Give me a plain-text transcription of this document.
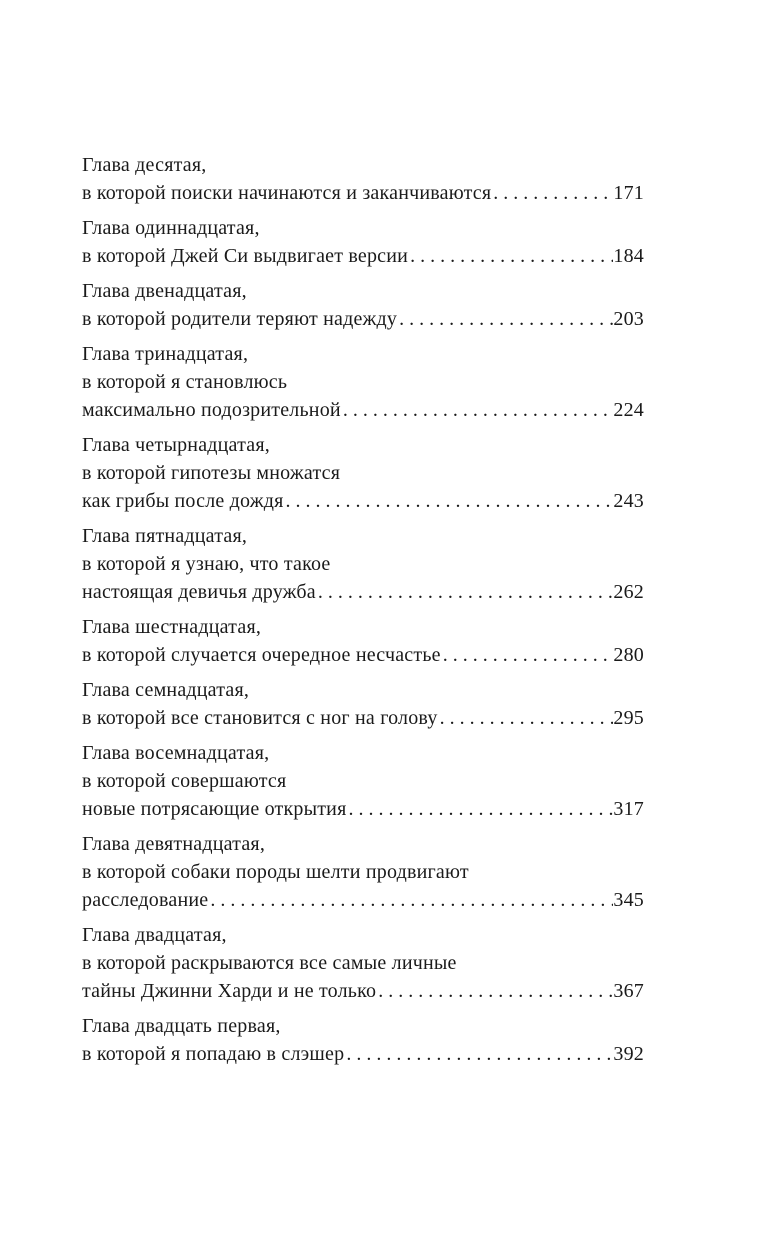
Глава десятая,
в которой поиски начинаются и заканчиваются . . .	171
Глава одиннадцатая,
в которой Джей Си выдвигает версии . . .	184
Глава двенадцатая,
в которой родители теряют надежду . . .	203
Глава тринадцатая,
в которой я становлюсь
максимально подозрительной . . .	224
Глава четырнадцатая,
в которой гипотезы множатся
как грибы после дождя . . .	243
Глава пятнадцатая,
в которой я узнаю, что такое
настоящая девичья дружба . . .	262
Глава шестнадцатая,
в которой случается очередное несчастье . . .	280
Глава семнадцатая,
в которой все становится с ног на голову . . .	295
Глава восемнадцатая,
в которой совершаются
новые потрясающие открытия . . .	317
Глава девятнадцатая,
в которой собаки породы шелти продвигают
расследование . . .	345
Глава двадцатая,
в которой раскрываются все самые личные
тайны Джинни Харди и не только . . .	367
Глава двадцать первая,
в которой я попадаю в слэшер . . .	392
